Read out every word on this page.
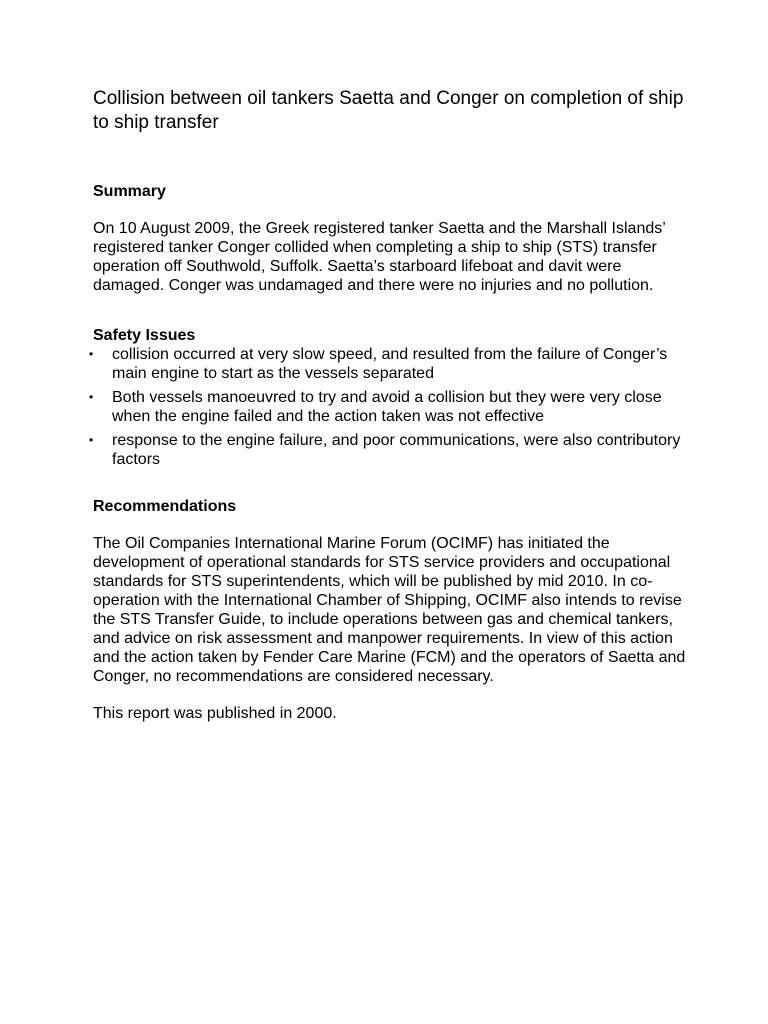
Collision between oil tankers Saetta and Conger on completion of ship to ship transfer
Summary

On 10 August 2009, the Greek registered tanker Saetta and the Marshall Islands’ registered tanker Conger collided when completing a ship to ship (STS) transfer operation off Southwold, Suffolk. Saetta’s starboard lifeboat and davit were damaged. Conger was undamaged and there were no injuries and no pollution.

Safety Issues
• collision occurred at very slow speed, and resulted from the failure of Conger’s main engine to start as the vessels separated
• Both vessels manoeuvred to try and avoid a collision but they were very close when the engine failed and the action taken was not effective
• response to the engine failure, and poor communications, were also contributory factors
Recommendations

The Oil Companies International Marine Forum (OCIMF) has initiated the development of operational standards for STS service providers and occupational standards for STS superintendents, which will be published by mid 2010. In co-operation with the International Chamber of Shipping, OCIMF also intends to revise the STS Transfer Guide, to include operations between gas and chemical tankers, and advice on risk assessment and manpower requirements. In view of this action and the action taken by Fender Care Marine (FCM) and the operators of Saetta and Conger, no recommendations are considered necessary.

This report was published in 2000.
